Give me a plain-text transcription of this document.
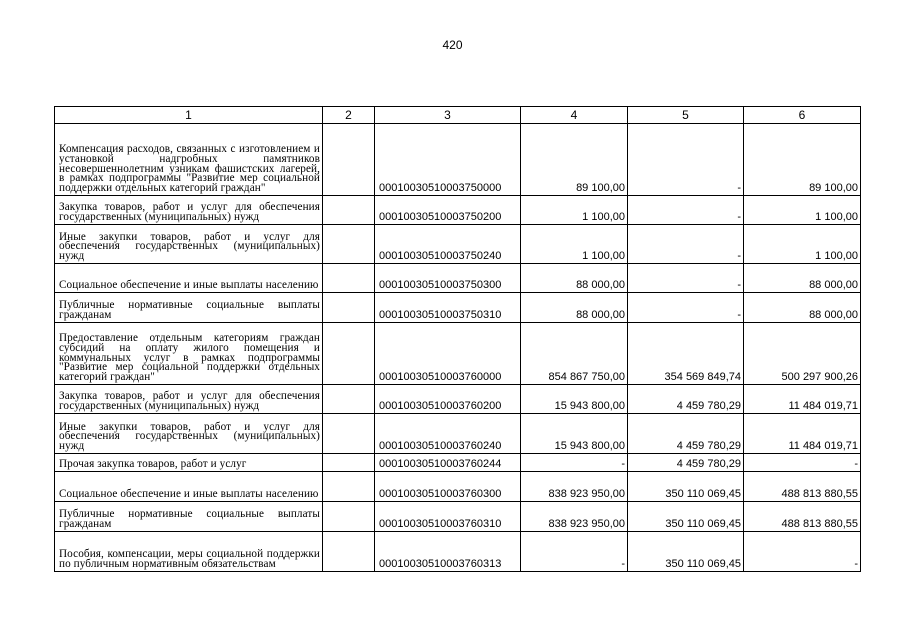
420
1	2	3	4	5	6
Компенсация расходов, связанных с изготовлением и установкой надгробных памятников несовершеннолетним узникам фашистских лагерей, в рамках подпрограммы "Развитие мер социальной поддержки отдельных категорий граждан"		00010030510003750000	89 100,00	-	89 100,00
Закупка товаров, работ и услуг для обеспечения государственных (муниципальных) нужд		00010030510003750200	1 100,00	-	1 100,00
Иные закупки товаров, работ и услуг для обеспечения государственных (муниципальных) нужд		00010030510003750240	1 100,00	-	1 100,00
Социальное обеспечение и иные выплаты населению		00010030510003750300	88 000,00	-	88 000,00
Публичные нормативные социальные выплаты гражданам		00010030510003750310	88 000,00	-	88 000,00
Предоставление отдельным категориям граждан субсидий на оплату жилого помещения и коммунальных услуг в рамках подпрограммы "Развитие мер социальной поддержки отдельных категорий граждан"		00010030510003760000	854 867 750,00	354 569 849,74	500 297 900,26
Закупка товаров, работ и услуг для обеспечения государственных (муниципальных) нужд		00010030510003760200	15 943 800,00	4 459 780,29	11 484 019,71
Иные закупки товаров, работ и услуг для обеспечения государственных (муниципальных) нужд		00010030510003760240	15 943 800,00	4 459 780,29	11 484 019,71
Прочая закупка товаров, работ и услуг		00010030510003760244	-	4 459 780,29	-
Социальное обеспечение и иные выплаты населению		00010030510003760300	838 923 950,00	350 110 069,45	488 813 880,55
Публичные нормативные социальные выплаты гражданам		00010030510003760310	838 923 950,00	350 110 069,45	488 813 880,55
Пособия, компенсации, меры социальной поддержки по публичным нормативным обязательствам		00010030510003760313	-	350 110 069,45	-
